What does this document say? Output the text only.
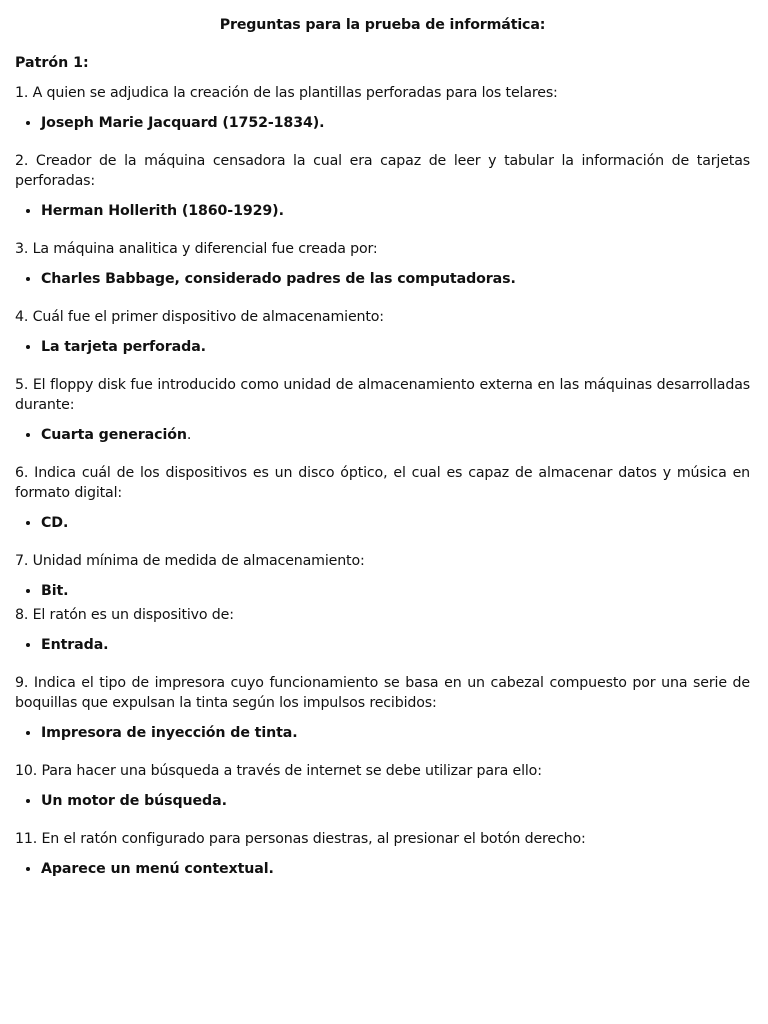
Preguntas para la prueba de informática:
Patrón 1:
1. A quien se adjudica la creación de las plantillas perforadas para los telares:
• Joseph Marie Jacquard (1752-1834).
2. Creador de la máquina censadora la cual era capaz de leer y tabular la información de tarjetas perforadas:
• Herman Hollerith (1860-1929).
3. La máquina analitica y diferencial fue creada por:
• Charles Babbage, considerado padres de las computadoras.
4. Cuál fue el primer dispositivo de almacenamiento:
• La tarjeta perforada.
5. El floppy disk fue introducido como unidad de almacenamiento externa en las máquinas desarrolladas durante:
• Cuarta generación.
6. Indica cuál de los dispositivos es un disco óptico, el cual es capaz de almacenar datos y música en formato digital:
• CD.
7. Unidad mínima de medida de almacenamiento:
• Bit.
8. El ratón es un dispositivo de:
• Entrada.
9. Indica el tipo de impresora cuyo funcionamiento se basa en un cabezal compuesto por una serie de boquillas que expulsan la tinta según los impulsos recibidos:
• Impresora de inyección de tinta.
10. Para hacer una búsqueda a través de internet se debe utilizar para ello:
• Un motor de búsqueda.
11. En el ratón configurado para personas diestras, al presionar el botón derecho:
• Aparece un menú contextual.
